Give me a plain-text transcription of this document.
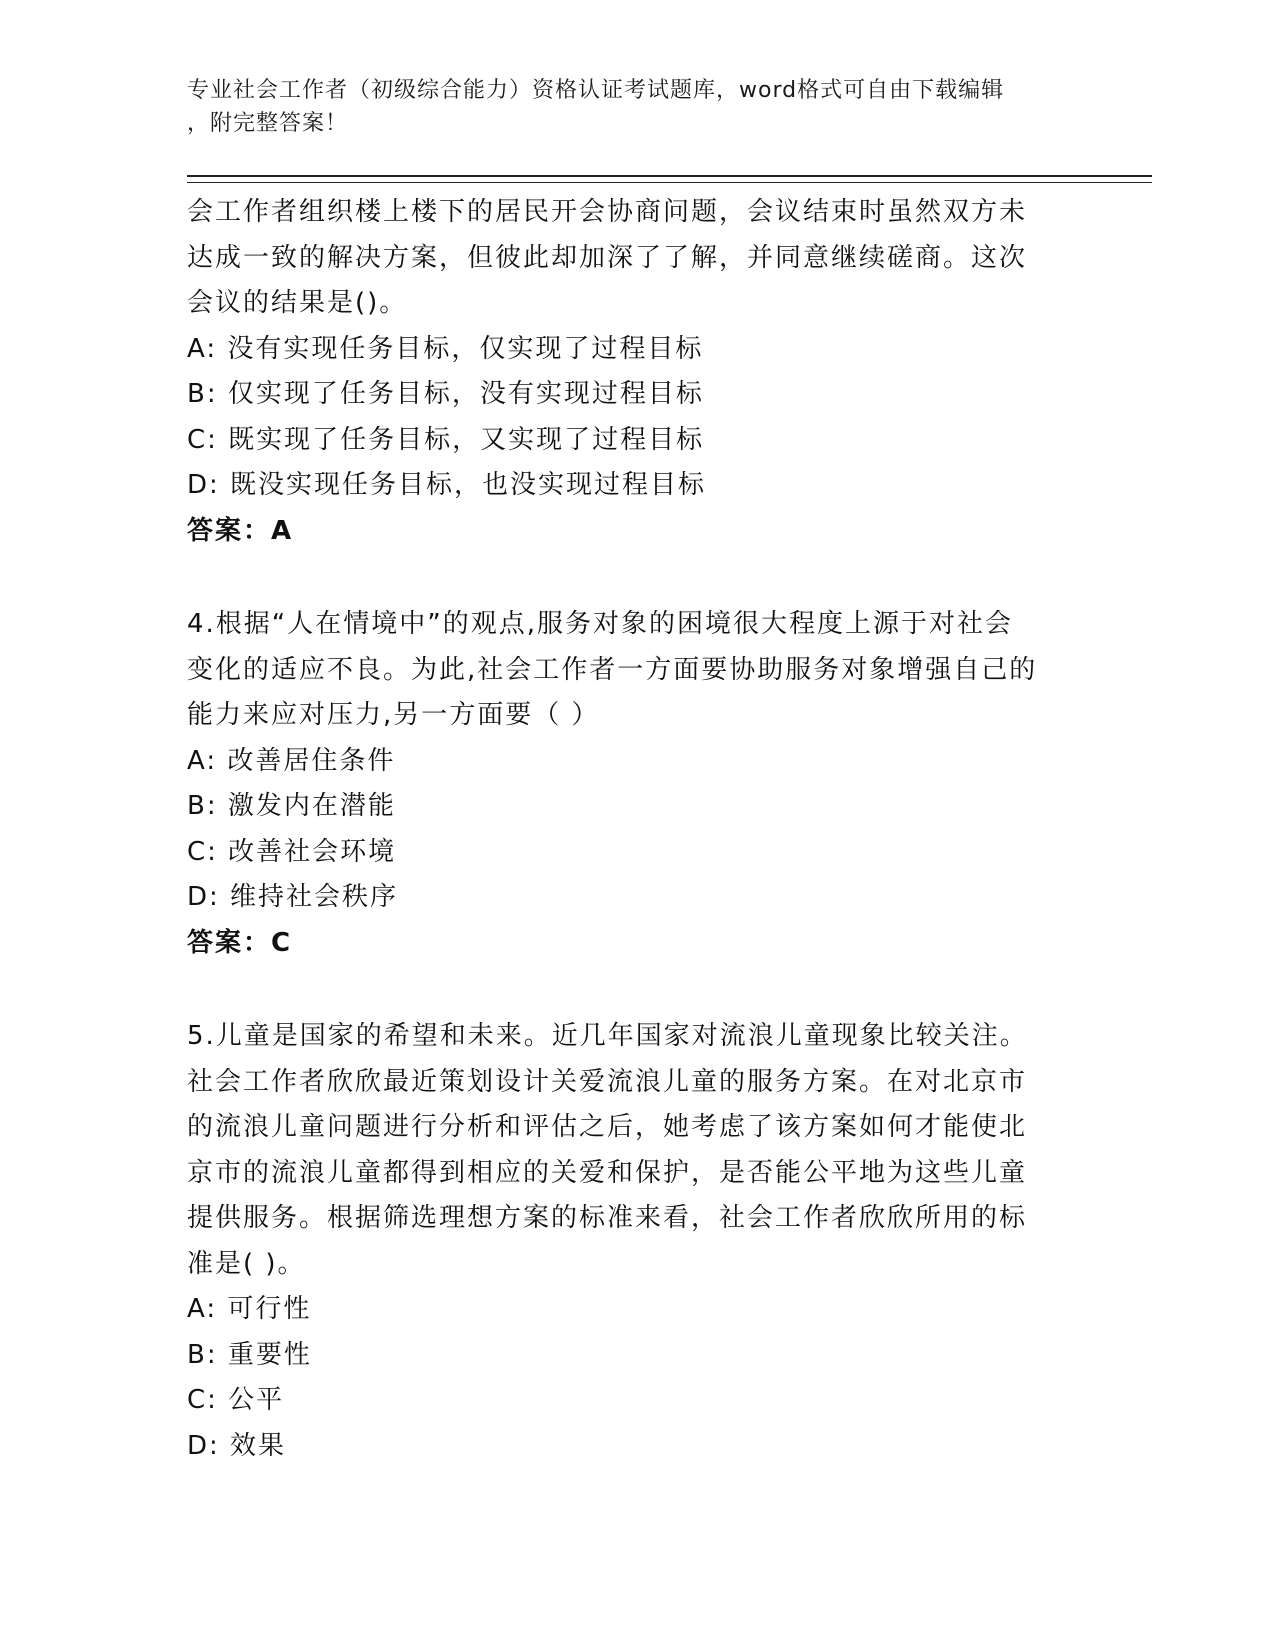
专业社会工作者（初级综合能力）资格认证考试题库，word格式可自由下载编辑
，附完整答案！
会工作者组织楼上楼下的居民开会协商问题，会议结束时虽然双方未
达成一致的解决方案，但彼此却加深了了解，并同意继续磋商。这次
会议的结果是()。
A: 没有实现任务目标，仅实现了过程目标
B: 仅实现了任务目标，没有实现过程目标
C: 既实现了任务目标，又实现了过程目标
D: 既没实现任务目标，也没实现过程目标
答案：A
4.根据“人在情境中”的观点,服务对象的困境很大程度上源于对社会
变化的适应不良。为此,社会工作者一方面要协助服务对象增强自己的
能力来应对压力,另一方面要（ ）
A: 改善居住条件
B: 激发内在潜能
C: 改善社会环境
D: 维持社会秩序
答案：C
5.儿童是国家的希望和未来。近几年国家对流浪儿童现象比较关注。
社会工作者欣欣最近策划设计关爱流浪儿童的服务方案。在对北京市
的流浪儿童问题进行分析和评估之后，她考虑了该方案如何才能使北
京市的流浪儿童都得到相应的关爱和保护，是否能公平地为这些儿童
提供服务。根据筛选理想方案的标准来看，社会工作者欣欣所用的标
准是( )。
A: 可行性
B: 重要性
C: 公平
D: 效果
